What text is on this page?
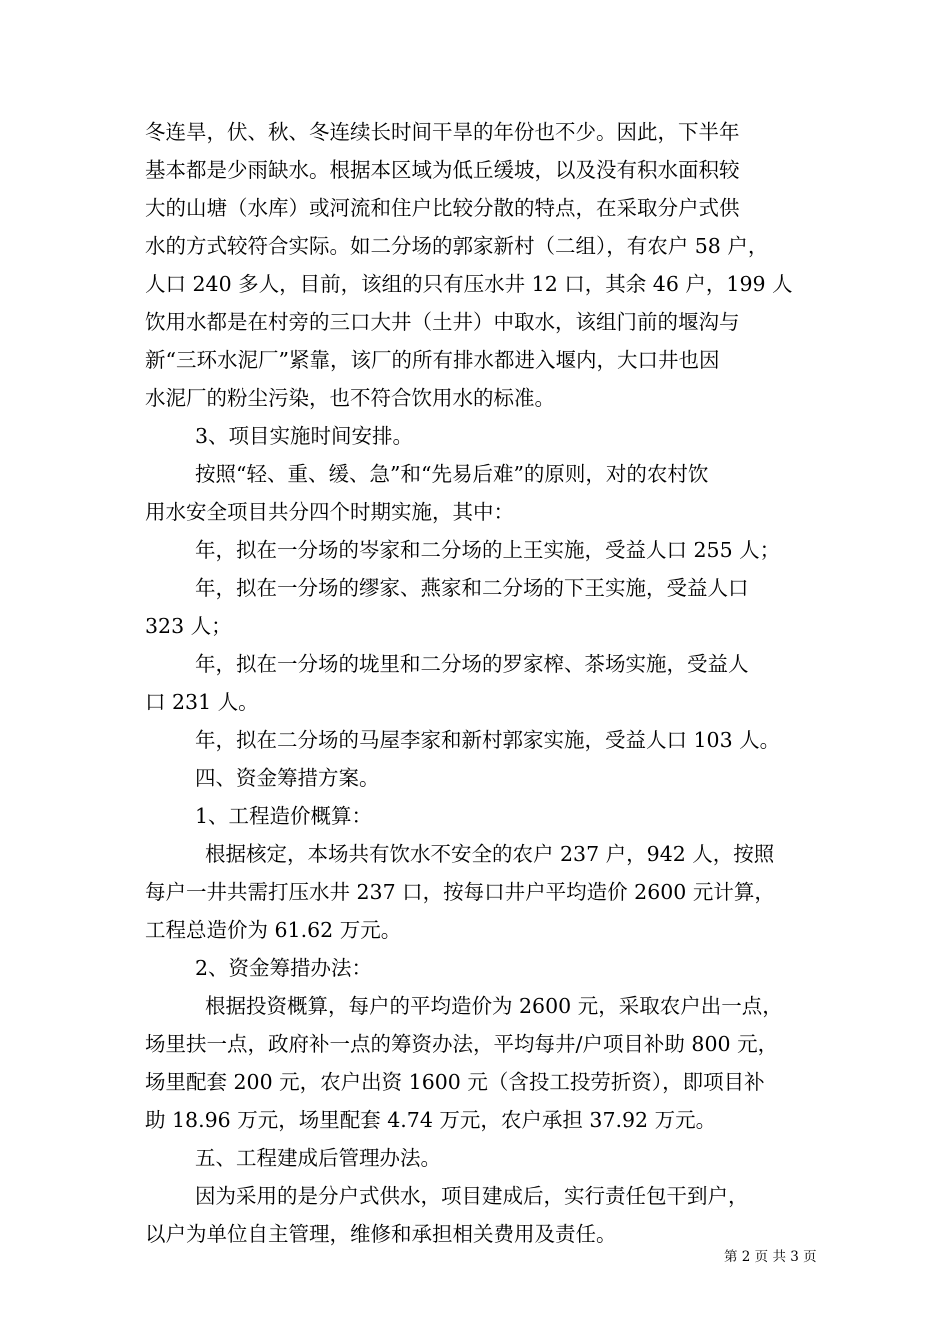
冬连旱，伏、秋、冬连续长时间干旱的年份也不少。因此，下半年
基本都是少雨缺水。根据本区域为低丘缓坡，以及没有积水面积较
大的山塘（水库）或河流和住户比较分散的特点，在采取分户式供
水的方式较符合实际。如二分场的郭家新村（二组），有农户 58 户，
人口 240 多人，目前，该组的只有压水井 12 口，其余 46 户，199 人
饮用水都是在村旁的三口大井（土井）中取水，该组门前的堰沟与
新“三环水泥厂”紧靠，该厂的所有排水都进入堰内，大口井也因
水泥厂的粉尘污染，也不符合饮用水的标准。
3、项目实施时间安排。
按照“轻、重、缓、急”和“先易后难”的原则，对的农村饮
用水安全项目共分四个时期实施，其中：
年，拟在一分场的岑家和二分场的上王实施，受益人口 255 人；
年，拟在一分场的缪家、燕家和二分场的下王实施，受益人口
323 人；
年，拟在一分场的垅里和二分场的罗家榨、茶场实施，受益人
口 231 人。
年，拟在二分场的马屋李家和新村郭家实施，受益人口 103 人。
四、资金筹措方案。
1、工程造价概算：
根据核定，本场共有饮水不安全的农户 237 户，942 人，按照
每户一井共需打压水井 237 口，按每口井户平均造价 2600 元计算，
工程总造价为 61.62 万元。
2、资金筹措办法：
根据投资概算，每户的平均造价为 2600 元，采取农户出一点，
场里扶一点，政府补一点的筹资办法，平均每井/户项目补助 800 元，
场里配套 200 元，农户出资 1600 元（含投工投劳折资），即项目补
助 18.96 万元，场里配套 4.74 万元，农户承担 37.92 万元。
五、工程建成后管理办法。
因为采用的是分户式供水，项目建成后，实行责任包干到户，
以户为单位自主管理，维修和承担相关费用及责任。
第 2 页 共 3 页
